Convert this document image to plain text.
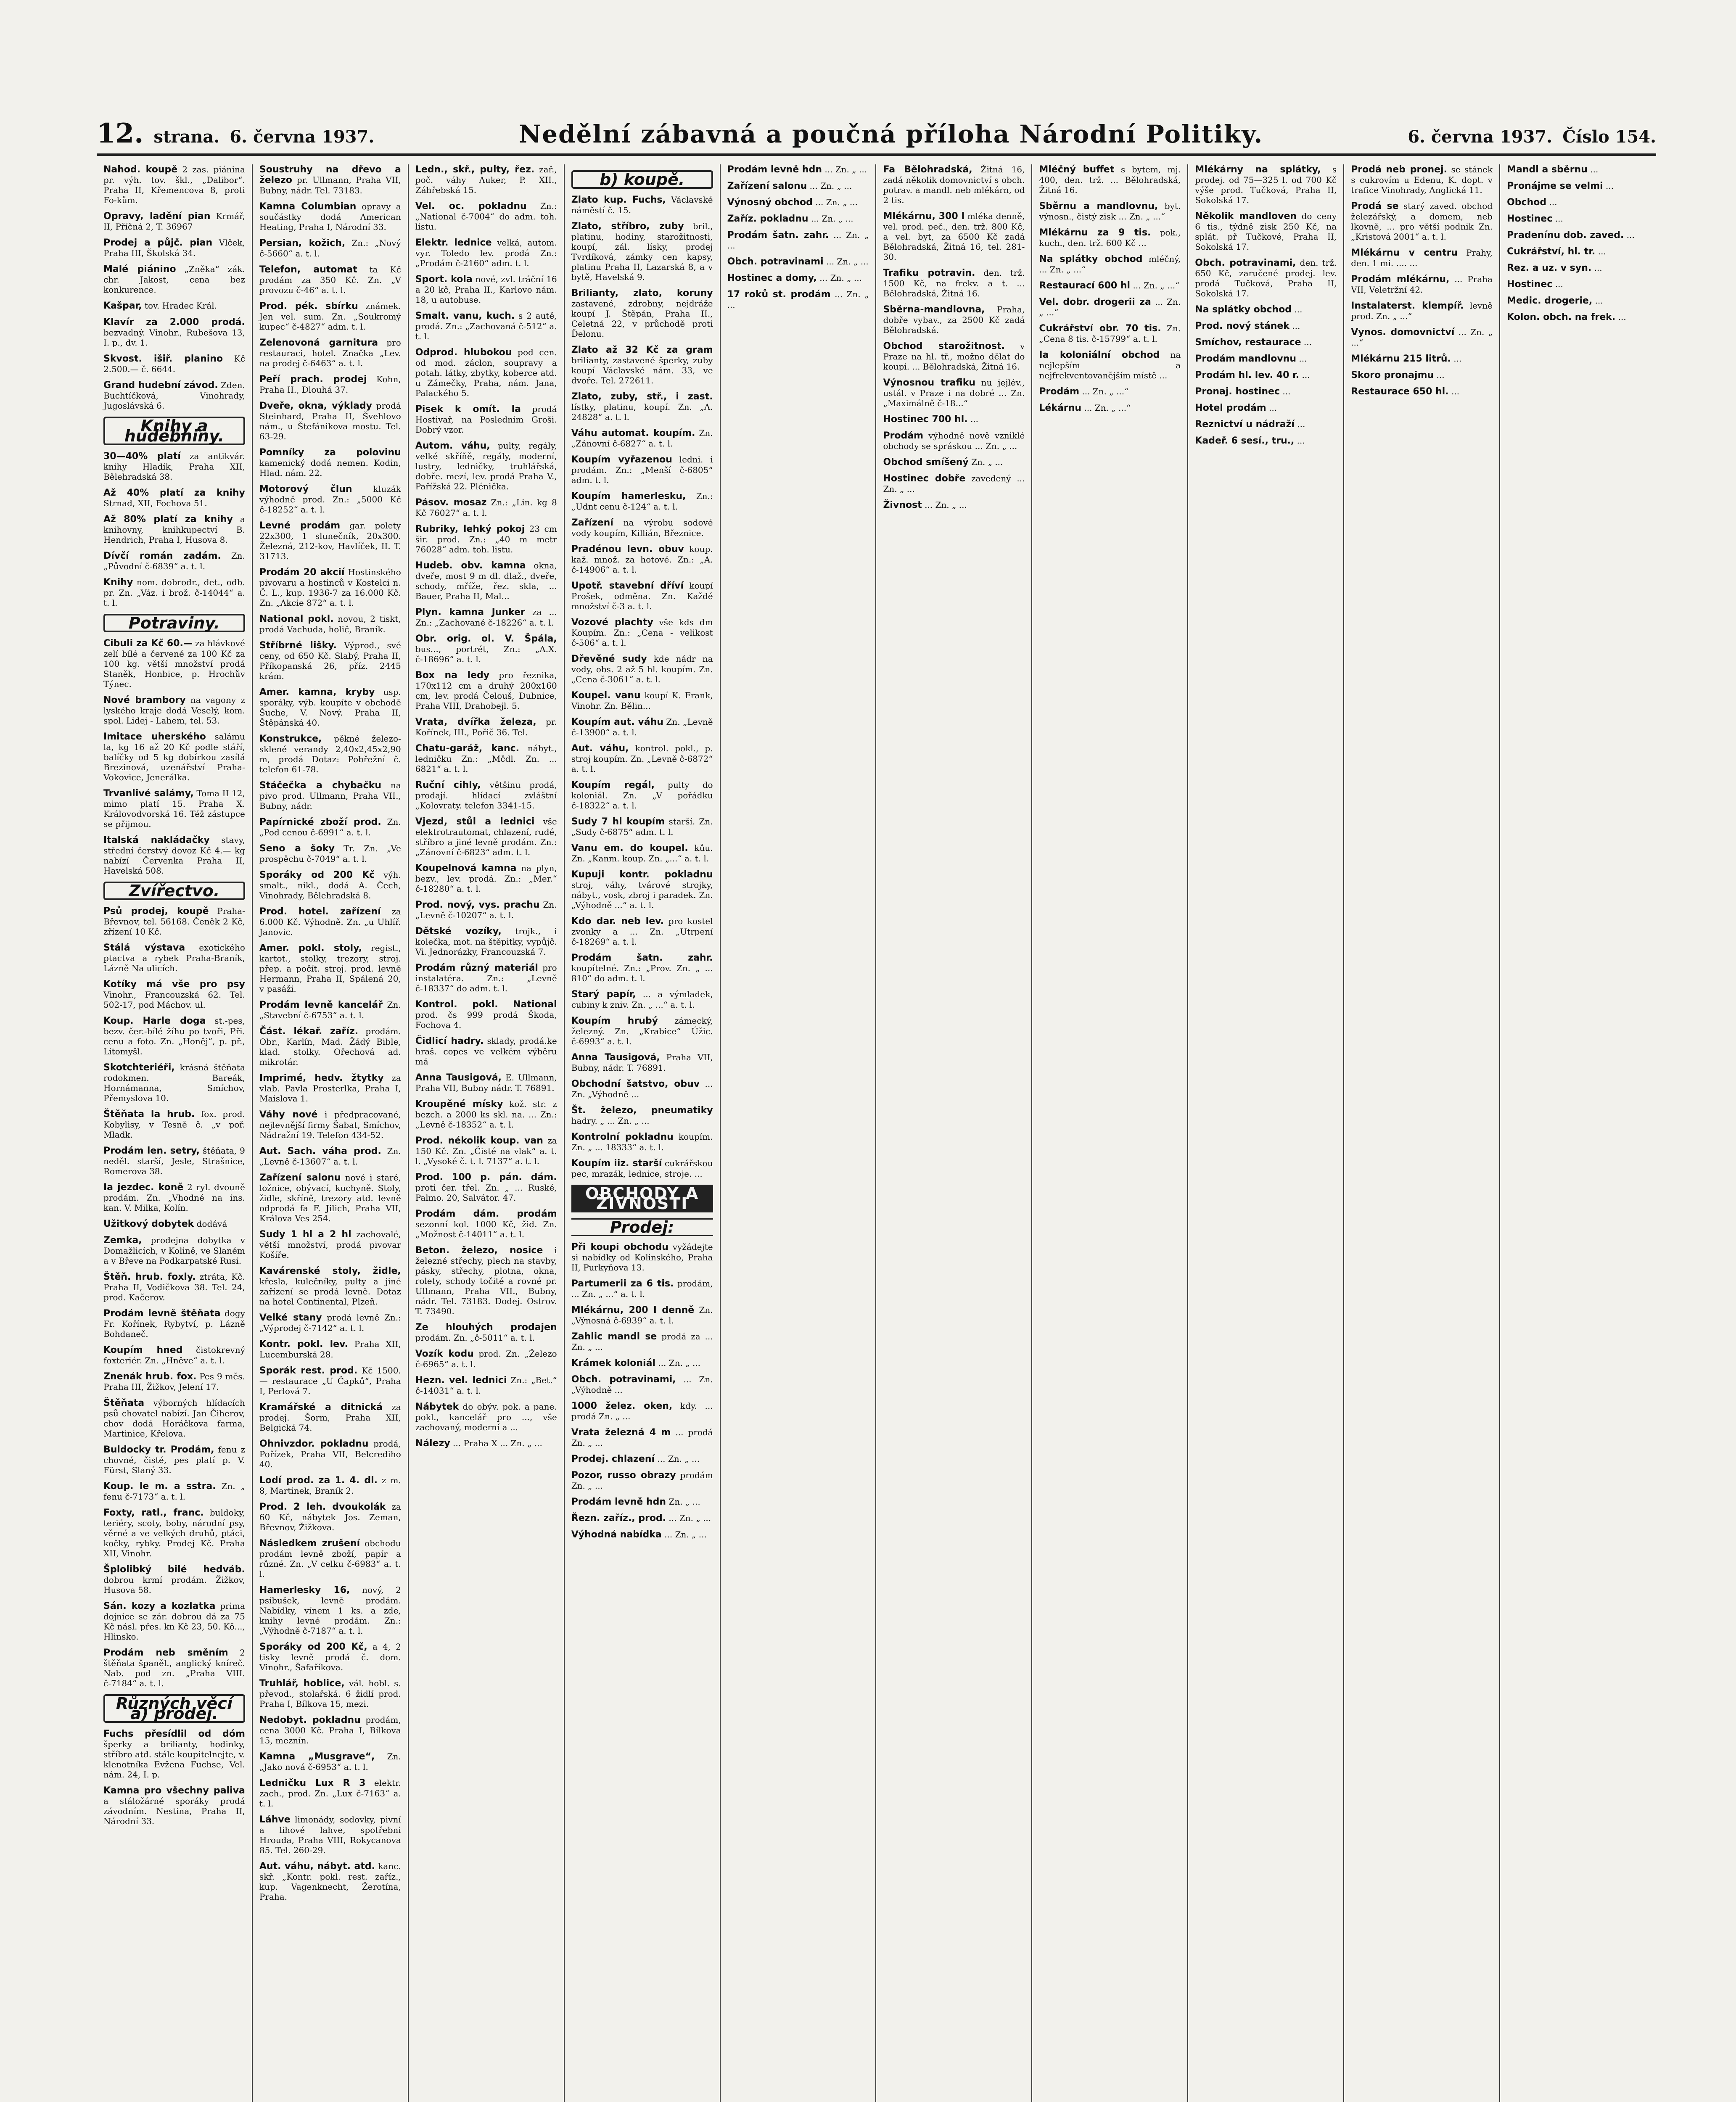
12. strana. 6. června 1937.	Nedělní zábavná a poučná příloha Národní Politiky.	6. června 1937. Číslo 154.
Nahod. koupě 2 zas. piánina pr. výh. tov. škl., „Dalibor“. Praha II, Křemencova 8, proti Fo-kům.
Opravy, ladění pian Krmář, II, Příčná 2, T. 36967
Prodej a půjč. pian Vlček, Praha III, Školská 34.
Malé piánino „Zněka“ zák. chr. Jakost, cena bez konkurence.
Kašpar, tov. Hradec Král.
Klavír za 2.000 prodá. bezvadný. Vinohr., Rubešova 13, I. p., dv. 1.
Skvost. išiř. planino Kč 2.500.— č. 6644.
Grand hudební závod. Zden. Buchtíčková, Vinohrady, Jugoslávská 6.
Knihy a hudebniny.
30—40% platí za antikvár. knihy Hladík, Praha XII, Bělehradská 38.
Až 40% platí za knihy Strnad, XII, Fochova 51.
Až 80% platí za knihy a knihovny, knihkupectví B. Hendrich, Praha I, Husova 8.
Dívčí román zadám. Zn. „Původní č-6839“ a. t. l.
Knihy nom. dobrodr., det., odb. pr. Zn. „Váz. i brož. č-14044“ a. t. l.
Potraviny.
Cibuli za Kč 60.— za hlávkové zelí bílé a červené za 100 Kč za 100 kg. větší množství prodá Staněk, Honbice, p. Hrochův Týnec.
Nové brambory na vagony z lyského kraje dodá Veselý, kom. spol. Lidej - Lahem, tel. 53.
Imitace uherského salámu la, kg 16 až 20 Kč podle stáří, balíčky od 5 kg dobírkou zasílá Brezinová, uzenářství Praha-Vokovice, Jenerálka.
Trvanlivé salámy, Toma II 12, mimo platí 15. Praha X. Královodvorská 16. Též zástupce se přijmou.
Italská nakládačky stavy, střední čerstvý dovoz Kč 4.— kg nabízí Červenka Praha II, Havelská 508.
Zvířectvo.
Psů prodej, koupě Praha-Břevnov, tel. 56168. Čeněk 2 Kč, zřízení 10 Kč.
Stálá výstava exotického ptactva a rybek Praha-Braník, Lázně Na ulicích.
Kotíky má vše pro psy Vinohr., Francouzská 62. Tel. 502-17, pod Máchov. ul.
Koup. Harle doga st.-pes, bezv. čer.-bílé žíhu po tvoři, Při. cenu a foto. Zn. „Honěj“, p. př., Litomyšl.
Skotchteriéři, krásná štěňata rodokmen. Bareák, Hornámanna, Smíchov, Přemyslova 10.
Štěňata la hrub. fox. prod. Kobylisy, v Tesně č. „v poř. Mladk.
Prodám len. setry, štěňata, 9 neděl. starší, Jesle, Strašnice, Romerova 38.
Ia jezdec. koně 2 ryl. dvouně prodám. Zn. „Vhodné na ins. kan. V. Milka, Kolín.
Užitkový dobytek dodává
Zemka, prodejna dobytka v Domažlicích, v Kolině, ve Slaném a v Břeve na Podkarpatské Rusi.
Štěň. hrub. foxly. ztráta, Kč. Praha II, Vodičkova 38. Tel. 24, prod. Kačerov.
Prodám levně štěňata dogy Fr. Kořínek, Rybytví, p. Lázně Bohdaneč.
Koupím hned čistokrevný foxteriér. Zn. „Hněve“ a. t. l.
Znenák hrub. fox. Pes 9 měs. Praha III, Žižkov, Jelení 17.
Štěňata výborných hlídacích psů chovatel nabízí. Jan Čiherov, chov dodá Horáčkova farma, Martinice, Křelova.
Buldocky tr. Prodám, fenu z chovné, čisté, pes platí p. V. Fürst, Slaný 33.
Koup. le m. a sstra. Zn. „ fenu č-7173“ a. t. l.
Foxty, ratl., franc. buldoky, teriéry, scoty, boby, národní psy, věrné a ve velkých druhů, ptáci, kočky, rybky. Prodej Kč. Praha XII, Vinohr.
Šplolibký bilé hedváb. dobrou krmí prodám. Žižkov, Husova 58.
Sán. kozy a kozlatka prima dojnice se zár. dobrou dá za 75 Kč násl. přes. kn Kč 23, 50. Kö..., Hlinsko.
Prodám neb směním 2 štěňata španěl., anglický kníreč. Nab. pod zn. „Praha VIII. č-7184“ a. t. l.
Různých věcí a) prodej.
Fuchs přesídlil od dóm šperky a brilianty, hodinky, stříbro atd. stále koupitelnejte, v. klenotníka Evžena Fuchse, Vel. nám. 24, I. p.
Kamna pro všechny paliva a stáložárné sporáky prodá závodním. Nestina, Praha II, Národní 33.
Soustruhy na dřevo a železo pr. Ullmann, Praha VII, Bubny, nádr. Tel. 73183.
Kamna Columbian opravy a součástky dodá American Heating, Praha I, Národní 33.
Persian, kožich, Zn.: „Nový č-5660“ a. t. l.
Telefon, automat ta Kč prodám za 350 Kč. Zn. „V provozu č-46“ a. t. l.
Prod. pék. sbírku známek. Jen vel. sum. Zn. „Soukromý kupec“ č-4827“ adm. t. l.
Zelenovoná garnitura pro restauraci, hotel. Značka „Lev. na prodej č-6463“ a. t. l.
Peří prach. prodej Kohn, Praha II., Dlouhá 37.
Dveře, okna, výklady prodá Steinhard, Praha II, Švehlovo nám., u Štefánikova mostu. Tel. 63-29.
Pomníky za polovinu kamenický dodá nemen. Kodin, Hlad. nám. 22.
Motorový člun kluzák výhodně prod. Zn.: „5000 Kč č-18252“ a. t. l.
Levné prodám gar. polety 22x300, 1 slunečník, 20x300. Železná, 212-kov, Havlíček, II. T. 31713.
Prodám 20 akcií Hostinského pivovaru a hostinců v Kostelci n. Č. L., kup. 1936-7 za 16.000 Kč. Zn. „Akcie 872“ a. t. l.
National pokl. novou, 2 tiskt, prodá Vachuda, holič, Braník.
Stříbrné lišky. Výprod., své ceny, od 650 Kč. Slabý, Praha II, Příkopanská 26, příz. 2445 krám.
Amer. kamna, kryby usp. sporáky, výb. koupíte v obchodě Šuche, V. Nový. Praha II, Štěpánská 40.
Konstrukce, pěkné železo-sklené verandy 2,40x2,45x2,90 m, prodá Dotaz: Pobřežní č. telefon 61-78.
Stáčečka a chybačku na pivo prod. Ullmann, Praha VII., Bubny, nádr.
Papírnické zboží prod. Zn. „Pod cenou č-6991“ a. t. l.
Seno a šoky Tr. Zn. „Ve prospěchu č-7049“ a. t. l.
Sporáky od 200 Kč výh. smalt., nikl., dodá A. Čech, Vinohrady, Bělehradská 8.
Prod. hotel. zařízení za 6.000 Kč. Výhodně. Zn. „u Uhlíř. Janovic.
Amer. pokl. stoly, regist., kartot., stolky, trezory, stroj. přep. a počít. stroj. prod. levně Hermann, Praha II, Spálená 20, v pasáži.
Prodám levně kancelář Zn. „Stavební č-6753“ a. t. l.
Část. lékař. zaříz. prodám. Obr., Karlín, Mad. Žádý Bible, klad. stolky. Ořechová ad. mikrotár.
Imprimé, hedv. žtytky za vlab. Pavla Prosterlka, Praha I, Maislova 1.
Váhy nové i předpracované, nejlevnější firmy Šabat, Smíchov, Nádražní 19. Telefon 434-52.
Aut. Sach. váha prod. Zn. „Levně č-13607“ a. t. l.
Zařízení salonu nové i staré, ložnice, obývací, kuchyně. Stoly, židle, skříně, trezory atd. levně odprodá fa F. Jilich, Praha VII, Králova Ves 254.
Sudy 1 hl a 2 hl zachovalé, větší množství, prodá pivovar Košíře.
Kavárenské stoly, židle, křesla, kulečníky, pulty a jiné zařízení se prodá levně. Dotaz na hotel Continental, Plzeň.
Velké stany prodá levně Zn.: „Výprodej č-7142“ a. t. l.
Kontr. pokl. lev. Praha XII, Lucemburská 28.
Sporák rest. prod. Kč 1500.— restaurace „U Čapků“, Praha I, Perlová 7.
Kramářské a ditnická za prodej. Šorm, Praha XII, Belgická 74.
Ohnivzdor. pokladnu prodá, Pořízek, Praha VII, Belcrediho 40.
Lodí prod. za 1. 4. dl. z m. 8, Martinek, Braník 2.
Prod. 2 leh. dvoukolák za 60 Kč, nábytek Jos. Zeman, Břevnov, Žižkova.
Následkem zrušení obchodu prodám levně zboží, papír a různé. Zn. „V celku č-6983“ a. t. l.
Hamerlesky 16, nový, 2 psíbušek, levně prodám. Nabídky, vínem 1 ks. a zde, knihy levné prodám. Zn.: „Výhodně č-7187“ a. t. l.
Sporáky od 200 Kč, a 4, 2 tisky levně prodá č. dom. Vinohr., Šafaříkova.
Truhlář, hoblice, vál. hobl. s. převod., stolařská. 6 židlí prod. Praha I, Bílkova 15, mezi.
Nedobyt. pokladnu prodám, cena 3000 Kč. Praha I, Bílkova 15, meznín.
Kamna „Musgrave“, Zn. „Jako nová č-6953“ a. t. l.
Ledničku Lux R 3 elektr. zach., prod. Zn. „Lux č-7163“ a. t. l.
Láhve limonády, sodovky, pivní a lihové lahve, spotřebni Hrouda, Praha VIII, Rokycanova 85. Tel. 260-29.
Aut. váhu, nábyt. atd. kanc. skř. „Kontr. pokl. rest. zaříz., kup. Vagenknecht, Žerotína, Praha.
Ledn., skř., pulty, řez. zař., poč. váhy Auker, P. XII., Záhřebská 15.
Vel. oc. pokladnu Zn.: „National č-7004“ do adm. toh. listu.
Elektr. lednice velká, autom. vyr. Toledo lev. prodá Zn.: „Prodám č-2160“ adm. t. l.
Sport. kola nové, zvl. tráční 16 a 20 kč, Praha II., Karlovo nám. 18, u autobuse.
Smalt. vanu, kuch. s 2 autě, prodá. Zn.: „Zachovaná č-512“ a. t. l.
Odprod. hlubokou pod cen. od mod. záclon, soupravy a potah. látky, zbytky, koberce atd. u Zámečky, Praha, nám. Jana, Palackého 5.
Pisek k omít. la prodá Hostivař, na Posledním Groši. Dobrý vzor.
Autom. váhu, pulty, regály, velké skříňě, regály, moderní, lustry, ledničky, truhlářská, dobře. mezí, lev. prodá Praha V., Pařížská 22. Plénička.
Pásov. mosaz Zn.: „Lin. kg 8 Kč 76027“ a. t. l.
Rubriky, lehký pokoj 23 cm šir. prod. Zn.: „40 m metr 76028“ adm. toh. listu.
Hudeb. obv. kamna okna, dveře, most 9 m dl. dlaž., dveře, schody, mříže, řez. skla, ... Bauer, Praha II, Mal...
Plyn. kamna Junker za ... Zn.: „Zachované č-18226“ a. t. l.
Obr. orig. ol. V. Špála, bus..., portrét, Zn.: „A.X. č-18696“ a. t. l.
Box na ledy pro řeznika, 170x112 cm a druhý 200x160 cm, lev. prodá Čelouš, Dubnice, Praha VIII, Drahobejl. 5.
Vrata, dvířka železa, pr. Kořínek, III., Pořič 36. Tel.
Chatu-garáž, kanc. nábyt., ledničku Zn.: „Mčdl. Zn. ... 6821“ a. t. l.
Ruční cihly, většinu prodá, prodají. hlídací zvláštní „Kolovraty. telefon 3341-15.
Vjezd, stůl a lednici vše elektrotrautomat, chlazení, rudé, stříbro a jiné levně prodám. Zn.: „Zánovní č-6823“ adm. t. l.
Koupelnová kamna na plyn, bezv., lev. prodá. Zn.: „Mer.“ č-18280“ a. t. l.
Prod. nový, vys. prachu Zn. „Levně č-10207“ a. t. l.
Dětské vozíky, trojk., i kolečka, mot. na štěpitky, vypůjč. Vi. Jednorázky, Francouzská 7.
Prodám různý materiál pro instalatéra. Zn.: „Levně č-18337“ do adm. t. l.
Kontrol. pokl. National prod. čs 999 prodá Škoda, Fochova 4.
Čidlicí hadry. sklady, prodá.ke hraš. copes ve velkém výběru má
Anna Tausigová, E. Ullmann, Praha VII, Bubny nádr. T. 76891.
Kroupěné mísky kož. str. z bezch. a 2000 ks skl. na. ... Zn.: „Levně č-18352“ a. t. l.
Prod. nékolik koup. van za 150 Kč. Zn. „Čisté na vlak“ a. t. l. „Vysoké č. t. l. 7137“ a. t. l.
Prod. 100 p. pán. dám. proti čer. třel. Zn. „ ... Ruské, Palmo. 20, Salvátor. 47.
Prodám dám. prodám sezonní kol. 1000 Kč, žid. Zn. „Možnost č-14011“ a. t. l.
Beton. železo, nosice i železné střechy, plech na stavby, pásky, střechy, plotna, okna, rolety, schody točité a rovné pr. Ullmann, Praha VII., Bubny, nádr. Tel. 73183. Dodej. Ostrov. T. 73490.
Ze hlouhých prodajen prodám. Zn. „č-5011“ a. t. l.
Vozík kodu prod. Zn. „Železo č-6965“ a. t. l.
Hezn. vel. lednici Zn.: „Bet.“ č-14031“ a. t. l.
Nábytek do obýv. pok. a pane. pokl., kancelář pro ..., vše zachovaný, moderní a ...
Nálezy ... Praha X ... Zn. „ ...
b) koupě.
Zlato kup. Fuchs, Václavské náměstí č. 15.
Zlato, stříbro, zuby bril., platinu, hodiny, starožitnosti, koupí, zál. lísky, prodej Tvrdíková, zámky cen kapsy, platinu Praha II, Lazarská 8, a v bytě, Havelská 9.
Brilianty, zlato, koruny zastavené, zdrobny, nejdráže koupí J. Štěpán, Praha II., Celetná 22, v průchodě proti Ďelonu.
Zlato až 32 Kč za gram brilianty, zastavené šperky, zuby koupí Václavské nám. 33, ve dvoře. Tel. 272611.
Zlato, zuby, stř., i zast. lístky, platinu, koupí. Zn. „A. 24828“ a. t. l.
Váhu automat. koupím. Zn. „Zánovní č-6827“ a. t. l.
Koupím vyřazenou ledni. i prodám. Zn.: „Menší č-6805“ adm. t. l.
Koupím hamerlesku, Zn.: „Udnt cenu č-124“ a. t. l.
Zařízení na výrobu sodové vody koupím, Killián, Březnice.
Pradénou levn. obuv koup. kaž. množ. za hotové. Zn.: „A. č-14906“ a. t. l.
Upotř. stavební dříví koupí Prošek, odměna. Zn. Každé množství č-3 a. t. l.
Vozové plachty vše kds dm Koupím. Zn.: „Cena - velikost č-506“ a. t. l.
Dřevěné sudy kde nádr na vody, obs. 2 až 5 hl. koupím. Zn. „Cena č-3061“ a. t. l.
Koupel. vanu koupí K. Frank, Vinohr. Zn. Bělin...
Koupím aut. váhu Zn. „Levně č-13900“ a. t. l.
Aut. váhu, kontrol. pokl., p. stroj koupím. Zn. „Levně č-6872“ a. t. l.
Koupím regál, pulty do koloniál. Zn. „V pořádku č-18322“ a. t. l.
Sudy 7 hl koupím starší. Zn. „Sudy č-6875“ adm. t. l.
Vanu em. do koupel. kůu. Zn. „Kanm. koup. Zn. „...“ a. t. l.
Kupuji kontr. pokladnu stroj, váhy, tvárové strojky, nábyt., vosk, zbroj i paradek. Zn. „Výhodně ...“ a. t. l.
Kdo dar. neb lev. pro kostel zvonky a ... Zn. „Utrpení č-18269“ a. t. l.
Prodám šatn. zahr. koupítelné. Zn.: „Prov. Zn. „ ... 810“ do adm. t. l.
Starý papír, ... a výmladek, cubiny k zniv. Zn. „ ...“ a. t. l.
Koupím hrubý zámecký, železný. Zn. „Krabice“ Úžic. č-6993“ a. t. l.
Anna Tausigová, Praha VII, Bubny, nádr. T. 76891.
Obchodní šatstvo, obuv ... Zn. „Výhodně ...
Št. železo, pneumatiky hadry. „ ... Zn. „ ...
Kontrolní pokladnu koupím. Zn. „ ... 18333“ a. t. l.
Koupím iiz. starší cukrářskou pec, mrazák, lednice, stroje. ...
OBCHODY A ŽIVNOSTI
Prodej:
Při koupi obchodu vyžádejte si nabídky od Kolinského, Praha II, Purkyňova 13.
Partumerii za 6 tis. prodám, ... Zn. „ ...“ a. t. l.
Mlékárnu, 200 l denně Zn. „Výnosná č-6939“ a. t. l.
Zahlic mandl se prodá za ... Zn. „ ...
Krámek koloniál ... Zn. „ ...
Obch. potravinami, ... Zn. „Výhodně ...
1000 želez. oken, kdy. ... prodá Zn. „ ...
Vrata železná 4 m ... prodá Zn. „ ...
Prodej. chlazení ... Zn. „ ...
Pozor, russo obrazy prodám Zn. „ ...
Prodám levně hdn Zn. „ ...
Řezn. zaříz., prod. ... Zn. „ ...
Výhodná nabídka ... Zn. „ ...
Prodám levně hdn ... Zn. „ ...
Zařízení salonu ... Zn. „ ...
Výnosný obchod ... Zn. „ ...
Zaříz. pokladnu ... Zn. „ ...
Prodám šatn. zahr. ... Zn. „ ...
Obch. potravinami ... Zn. „ ...
Hostinec a domy, ... Zn. „ ...
17 roků st. prodám ... Zn. „ ...
Fa Bělohradská, Žitná 16, zadá několik domovnictví s obch. potrav. a mandl. neb mlékárn, od 2 tis.
Mlékárnu, 300 l mléka denně, vel. prod. peč., den. trž. 800 Kč, a vel. byt, za 6500 Kč zadá Bělohradská, Žitná 16, tel. 281-30.
Trafiku potravin. den. trž. 1500 Kč, na frekv. a t. ... Bělohradská, Žitná 16.
Sběrna-mandlovna, Praha, dobře vybav., za 2500 Kč zadá Bělohradská.
Obchod starožitnost. v Praze na hl. tř., možno dělat do koupi. ... Bělohradská, Žitná 16.
Výnosnou trafiku nu jejlév., ustál. v Praze i na dobré ... Zn. „Maximálně č-18...“
Hostinec 700 hl. ...
Prodám výhodně nově vzniklé obchody se spráskou ... Zn. „ ...
Obchod smíšený Zn. „ ...
Hostinec dobře zavedený ... Zn. „ ...
Živnost ... Zn. „ ...
Mléčný buffet s bytem, mj. 400, den. trž. ... Bělohradská, Žitná 16.
Sběrnu a mandlovnu, byt. výnosn., čistý zisk ... Zn. „ ...“
Mlékárnu za 9 tis. pok., kuch., den. trž. 600 Kč ...
Na splátky obchod mléčný, ... Zn. „ ...“
Restaurací 600 hl ... Zn. „ ...“
Vel. dobr. drogerii za ... Zn. „ ...“
Cukrářství obr. 70 tis. Zn. „Cena 8 tis. č-15799“ a. t. l.
Ia koloniální obchod na nejlepším a nejfrekventovanějším místě ...
Prodám ... Zn. „ ...“
Lékárnu ... Zn. „ ...“
Mlékárny na splátky, s prodej. od 75—325 l. od 700 Kč výše prod. Tučková, Praha II, Sokolská 17.
Několik mandloven do ceny 6 tis., týdně zisk 250 Kč, na splát. př Tučkové, Praha II, Sokolská 17.
Obch. potravinami, den. trž. 650 Kč, zaručené prodej. lev. prodá Tučková, Praha II, Sokolská 17.
Na splátky obchod ...
Prod. nový stánek ...
Smíchov, restaurace ...
Prodám mandlovnu ...
Prodám hl. lev. 40 r. ...
Pronaj. hostinec ...
Hotel prodám ...
Reznictví u nádraží ...
Kadeř. 6 sesí., tru., ...
Prodá neb pronej. se stánek s cukrovím u Edenu, K. dopt. v trafice Vinohrady, Anglická 11.
Prodá se starý zaved. obchod železářský, a domem, neb lkovně, ... pro větší podnik Zn. „Kristová 2001“ a. t. l.
Mlékárnu v centru Prahy, den. 1 mi. .... ...
Prodám mlékárnu, ... Praha VII, Veletržní 42.
Instalaterst. klempíř. levně prod. Zn. „ ...“
Vynos. domovnictví ... Zn. „ ...“
Mlékárnu 215 litrů. ...
Skoro pronajmu ...
Restaurace 650 hl. ...
Mandl a sběrnu ...
Pronájme se velmi ...
Obchod ...
Hostinec ...
Pradenínu dob. zaved. ...
Cukrářství, hl. tr. ...
Rez. a uz. v syn. ...
Hostinec ...
Medic. drogerie, ...
Kolon. obch. na frek. ...
